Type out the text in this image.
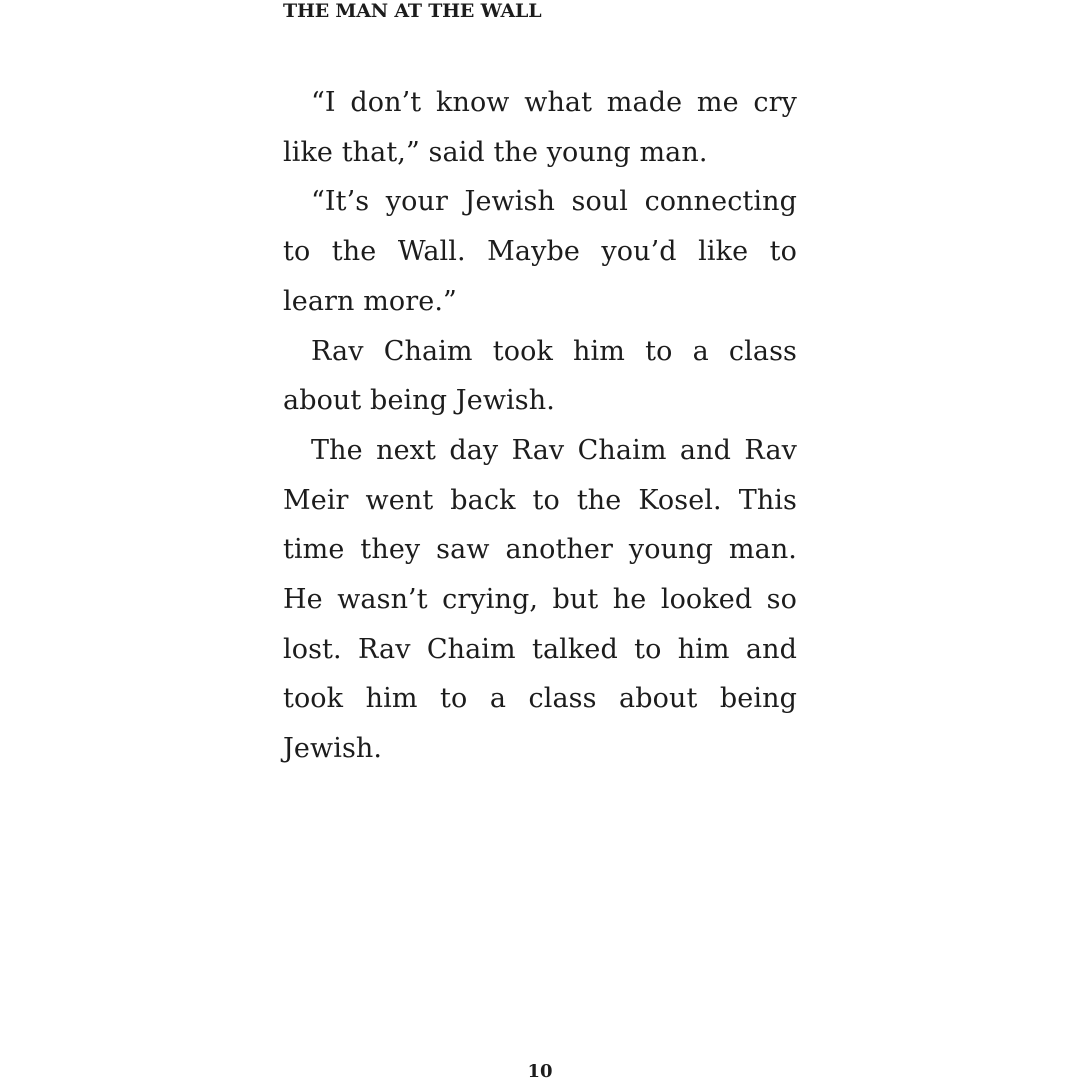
THE MAN AT THE WALL

“I don’t know what made me cry like that,” said the young man.

“It’s your Jewish soul connecting to the Wall. Maybe you’d like to learn more.”

Rav Chaim took him to a class about being Jewish.

The next day Rav Chaim and Rav Meir went back to the Kosel. This time they saw another young man. He wasn’t crying, but he looked so lost. Rav Chaim talked to him and took him to a class about being Jewish.

10
